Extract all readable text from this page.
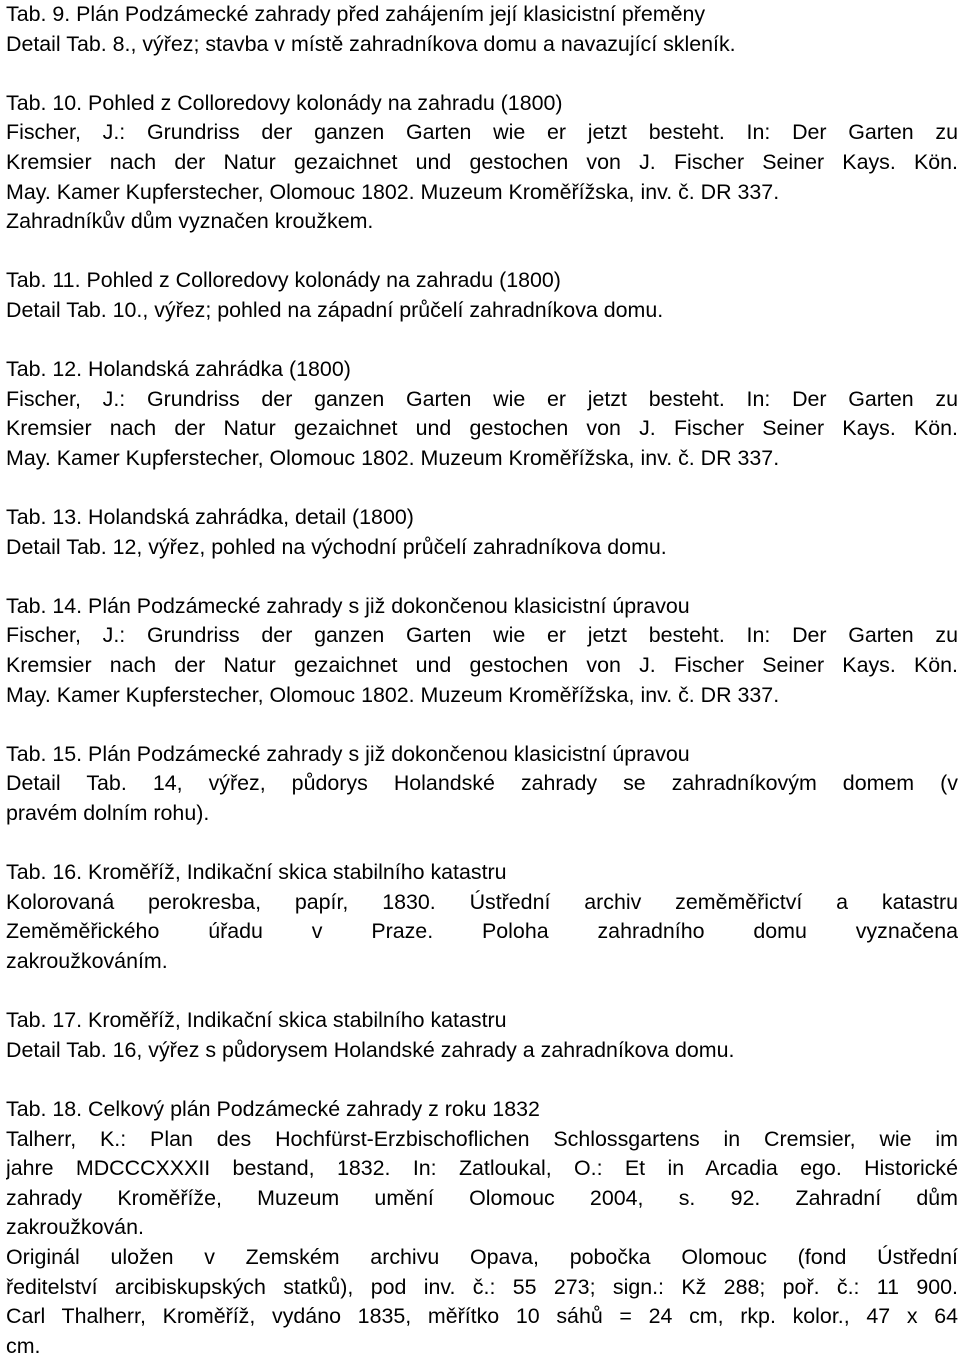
Tab. 9. Plán Podzámecké zahrady před zahájením její klasicistní přeměny
Detail Tab. 8., výřez; stavba v místě zahradníkova domu a navazující skleník.
Tab. 10. Pohled z Colloredovy kolonády na zahradu (1800)
Fischer, J.: Grundriss der ganzen Garten wie er jetzt besteht. In: Der Garten zu
Kremsier nach der Natur gezaichnet und gestochen von J. Fischer Seiner Kays. Kön.
May. Kamer Kupferstecher, Olomouc 1802. Muzeum Kroměřížska, inv. č. DR 337.
Zahradníkův dům vyznačen kroužkem.
Tab. 11. Pohled z Colloredovy kolonády na zahradu (1800)
Detail Tab. 10., výřez; pohled na západní průčelí zahradníkova domu.
Tab. 12. Holandská zahrádka (1800)
Fischer, J.: Grundriss der ganzen Garten wie er jetzt besteht. In: Der Garten zu
Kremsier nach der Natur gezaichnet und gestochen von J. Fischer Seiner Kays. Kön.
May. Kamer Kupferstecher, Olomouc 1802. Muzeum Kroměřížska, inv. č. DR 337.
Tab. 13. Holandská zahrádka, detail (1800)
Detail Tab. 12, výřez, pohled na východní průčelí zahradníkova domu.
Tab. 14. Plán Podzámecké zahrady s již dokončenou klasicistní úpravou
Fischer, J.: Grundriss der ganzen Garten wie er jetzt besteht. In: Der Garten zu
Kremsier nach der Natur gezaichnet und gestochen von J. Fischer Seiner Kays. Kön.
May. Kamer Kupferstecher, Olomouc 1802. Muzeum Kroměřížska, inv. č. DR 337.
Tab. 15. Plán Podzámecké zahrady s již dokončenou klasicistní úpravou
Detail Tab. 14, výřez, půdorys Holandské zahrady se zahradníkovým domem (v
pravém dolním rohu).
Tab. 16. Kroměříž, Indikační skica stabilního katastru
Kolorovaná perokresba, papír, 1830. Ústřední archiv zeměměřictví a katastru
Zeměměřického úřadu v Praze. Poloha zahradního domu vyznačena
zakroužkováním.
Tab. 17. Kroměříž, Indikační skica stabilního katastru
Detail Tab. 16, výřez s půdorysem Holandské zahrady a zahradníkova domu.
Tab. 18. Celkový plán Podzámecké zahrady z roku 1832
Talherr, K.: Plan des Hochfürst-Erzbischoflichen Schlossgartens in Cremsier, wie im
jahre MDCCCXXXII bestand, 1832. In: Zatloukal, O.: Et in Arcadia ego. Historické
zahrady Kroměříže, Muzeum umění Olomouc 2004, s. 92. Zahradní dům
zakroužkován.
Originál uložen v Zemském archivu Opava, pobočka Olomouc (fond Ústřední
ředitelství arcibiskupských statků), pod inv. č.: 55 273; sign.: Kž 288; poř. č.: 11 900.
Carl Thalherr, Kroměříž, vydáno 1835, měřítko 10 sáhů = 24 cm, rkp. kolor., 47 x 64
cm.
